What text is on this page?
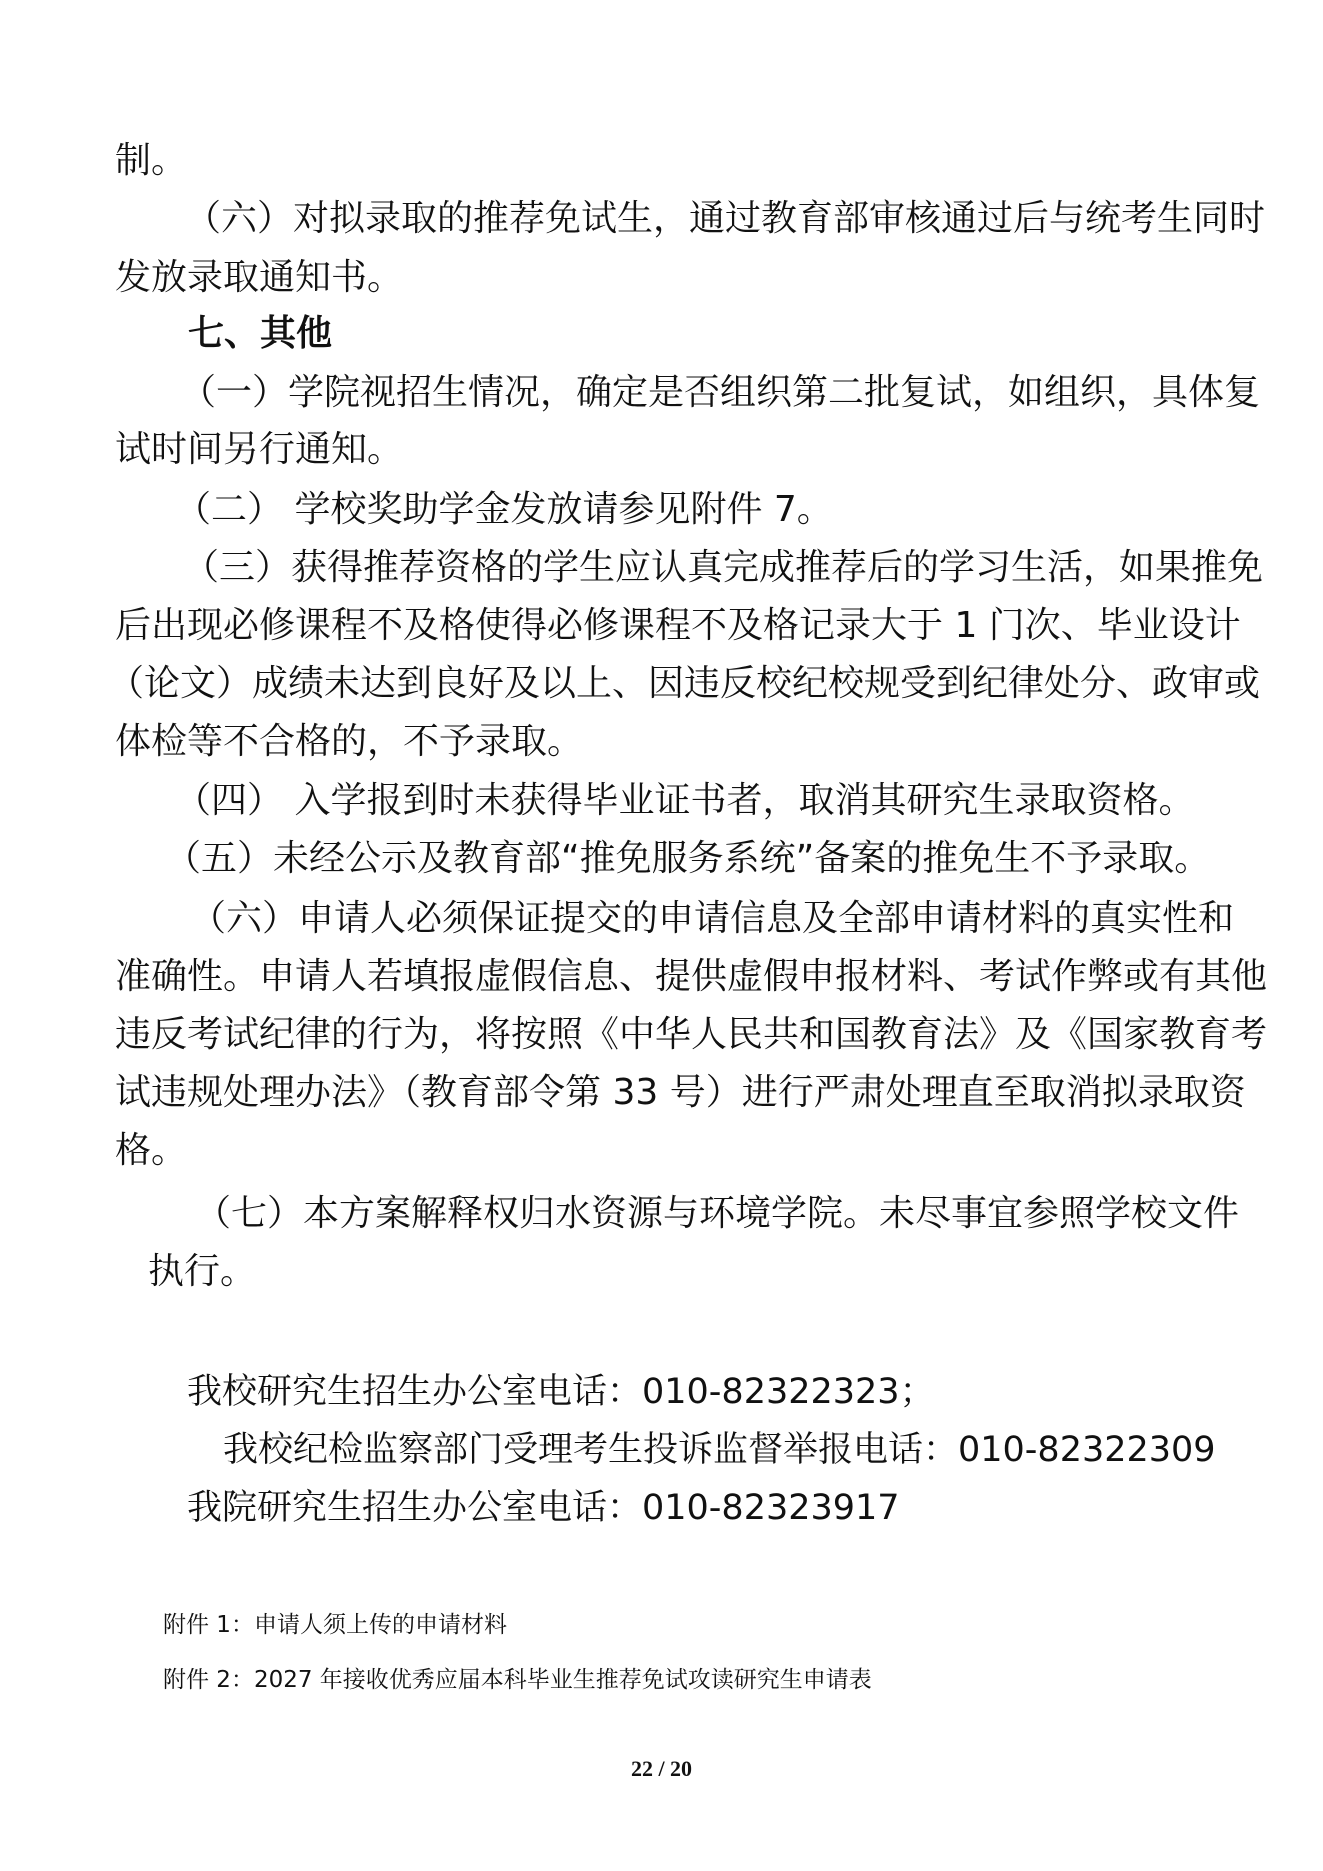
制。
（六）对拟录取的推荐免试生，通过教育部审核通过后与统考生同时
发放录取通知书。
七、其他
（一）学院视招生情况，确定是否组织第二批复试，如组织，具体复
试时间另行通知。
（二） 学校奖助学金发放请参见附件 7。
（三）获得推荐资格的学生应认真完成推荐后的学习生活，如果推免
后出现必修课程不及格使得必修课程不及格记录大于 1 门次、毕业设计
（论文）成绩未达到良好及以上、因违反校纪校规受到纪律处分、政审或
体检等不合格的，不予录取。
（四） 入学报到时未获得毕业证书者，取消其研究生录取资格。
（五）未经公示及教育部“推免服务系统”备案的推免生不予录取。
（六）申请人必须保证提交的申请信息及全部申请材料的真实性和
准确性。申请人若填报虚假信息、提供虚假申报材料、考试作弊或有其他
违反考试纪律的行为，将按照《中华人民共和国教育法》及《国家教育考
试违规处理办法》（教育部令第 33 号）进行严肃处理直至取消拟录取资
格。
（七）本方案解释权归水资源与环境学院。未尽事宜参照学校文件
执行。
我校研究生招生办公室电话：010-82322323；
我校纪检监察部门受理考生投诉监督举报电话：010-82322309
我院研究生招生办公室电话：010-82323917
附件 1：申请人须上传的申请材料
附件 2：2027 年接收优秀应届本科毕业生推荐免试攻读研究生申请表
22 / 20
